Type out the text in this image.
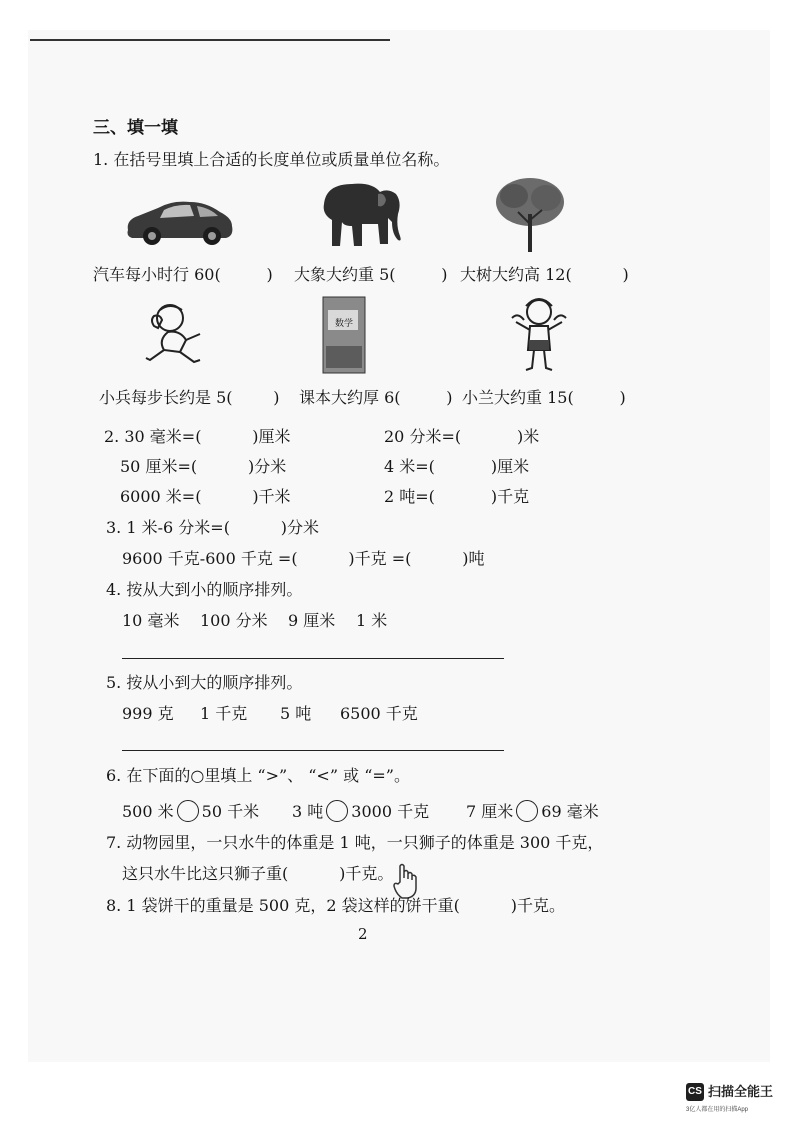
三、填一填
1. 在括号里填上合适的长度单位或质量单位名称。
汽车每小时行 60(         ) 大象大约重 5(         ) 大树大约高 12(          )
数学
小兵每步长约是 5(        ) 课本大约厚 6(         ) 小兰大约重 15(         )
2. 30 毫米=(          )厘米	20 分米=(           )米
50 厘米=(          )分米	4 米=(           )厘米
6000 米=(          )千米	2 吨=(           )千克
3. 1 米-6 分米=(          )分米
9600 千克-600 千克 =(          )千克 =(          )吨
4. 按从大到小的顺序排列。
10 毫米 100 分米 9 厘米 1 米
5. 按从小到大的顺序排列。
999 克 1 千克 5 吨 6500 千克
6. 在下面的○里填上 “>”、 “<” 或 “=”。
500 米 50 千米 3 吨 3000 千克 7 厘米 69 毫米
7. 动物园里，一只水牛的体重是 1 吨，一只狮子的体重是 300 千克，
这只水牛比这只狮子重(          )千克。
8. 1 袋饼干的重量是 500 克，2 袋这样的饼干重(          )千克。
2
CS 扫描全能王
3亿人都在用的扫描App
